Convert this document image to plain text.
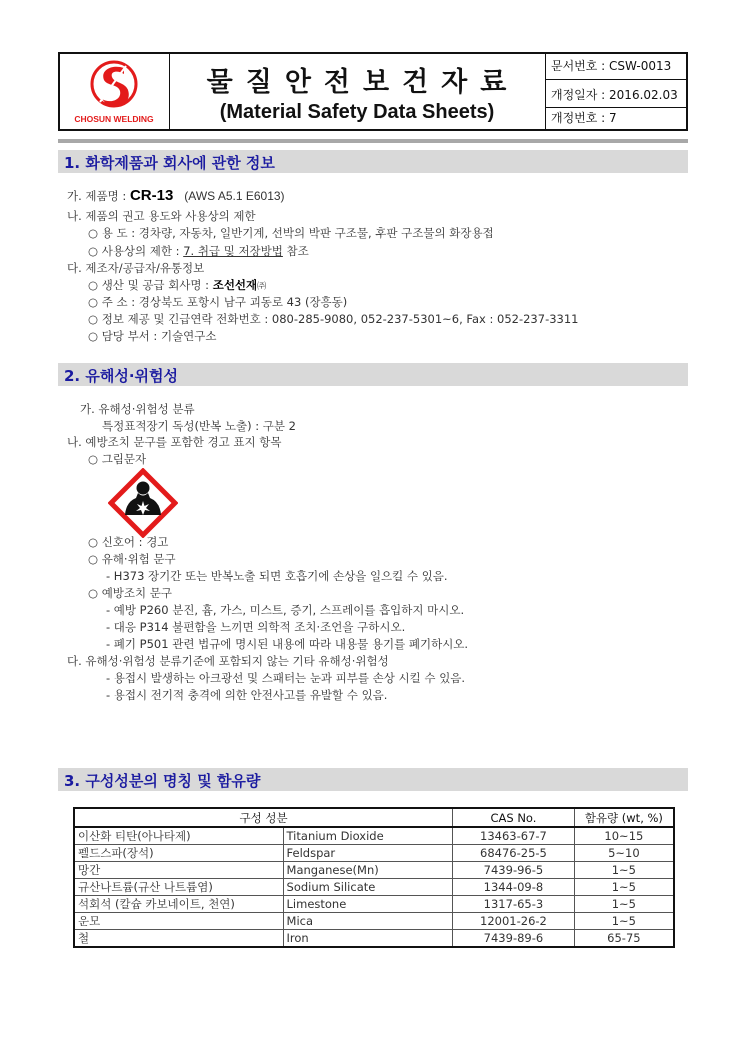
CHOSUN WELDING
물질안전보건자료
(Material Safety Data Sheets)
문서번호 : CSW-0013
개정일자 : 2016.02.03
개정번호 : 7
1. 화학제품과 회사에 관한 정보
가. 제품명 : CR-13 (AWS A5.1 E6013)
나. 제품의 권고 용도와 사용상의 제한
○ 용 도 : 경차량, 자동차, 일반기계, 선박의 박판 구조물, 후판 구조물의 화장용접
○ 사용상의 제한 : 7. 취급 및 저장방법 참조
다. 제조자/공급자/유통정보
○ 생산 및 공급 회사명 : 조선선재㈜
○ 주 소 : 경상북도 포항시 남구 괴동로 43 (장흥동)
○ 정보 제공 및 긴급연락 전화번호 : 080-285-9080, 052-237-5301~6, Fax : 052-237-3311
○ 담당 부서 : 기술연구소
2. 유해성·위험성
가. 유해성·위험성 분류
특정표적장기 독성(반복 노출) : 구분 2
나. 예방조치 문구를 포함한 경고 표지 항목
○ 그림문자
○ 신호어 : 경고
○ 유해·위험 문구
- H373 장기간 또는 반복노출 되면 호흡기에 손상을 일으킬 수 있음.
○ 예방조치 문구
- 예방 P260 분진, 흄, 가스, 미스트, 증기, 스프레이를 흡입하지 마시오.
- 대응 P314 불편함을 느끼면 의학적 조치·조언을 구하시오.
- 폐기 P501 관련 법규에 명시된 내용에 따라 내용물 용기를 폐기하시오.
다. 유해성·위험성 분류기준에 포함되지 않는 기타 유해성·위험성
- 용접시 발생하는 아크광선 및 스패터는 눈과 피부를 손상 시킬 수 있음.
- 용접시 전기적 충격에 의한 안전사고를 유발할 수 있음.
3. 구성성분의 명칭 및 함유량
구성 성분		CAS No.	함유량 (wt, %)
이산화 티탄(아나타제)	Titanium Dioxide	13463-67-7	10~15
펠드스파(장석)	Feldspar	68476-25-5	5~10
망간	Manganese(Mn)	7439-96-5	1~5
규산나트륨(규산 나트륨염)	Sodium Silicate	1344-09-8	1~5
석회석 (칼슘 카보네이트, 천연)	Limestone	1317-65-3	1~5
운모	Mica	12001-26-2	1~5
철	Iron	7439-89-6	65-75
